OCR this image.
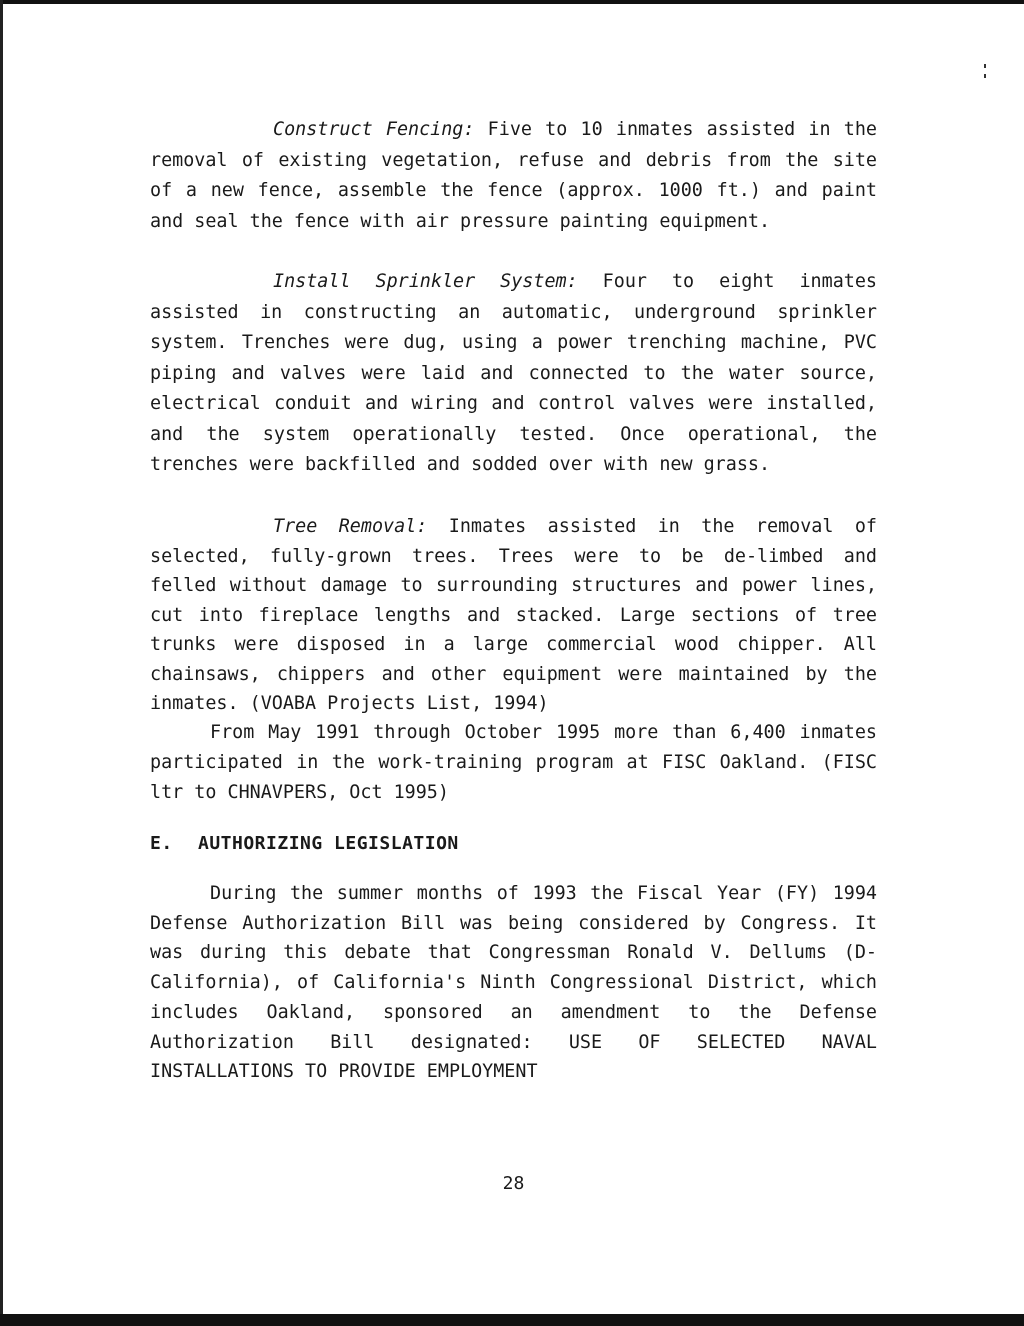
Construct Fencing: Five to 10 inmates assisted in the removal of existing vegetation, refuse and debris from the site of a new fence, assemble the fence (approx. 1000 ft.) and paint and seal the fence with air pressure painting equipment.

Install Sprinkler System: Four to eight inmates assisted in constructing an automatic, underground sprinkler system. Trenches were dug, using a power trenching machine, PVC piping and valves were laid and connected to the water source, electrical conduit and wiring and control valves were installed, and the system operationally tested. Once operational, the trenches were backfilled and sodded over with new grass.

Tree Removal: Inmates assisted in the removal of selected, fully-grown trees. Trees were to be de-limbed and felled without damage to surrounding structures and power lines, cut into fireplace lengths and stacked. Large sections of tree trunks were disposed in a large commercial wood chipper. All chainsaws, chippers and other equipment were maintained by the inmates. (VOABA Projects List, 1994)

From May 1991 through October 1995 more than 6,400 inmates participated in the work-training program at FISC Oakland. (FISC ltr to CHNAVPERS, Oct 1995)

E. AUTHORIZING LEGISLATION

During the summer months of 1993 the Fiscal Year (FY) 1994 Defense Authorization Bill was being considered by Congress. It was during this debate that Congressman Ronald V. Dellums (D-California), of California's Ninth Congressional District, which includes Oakland, sponsored an amendment to the Defense Authorization Bill designated: USE OF SELECTED NAVAL INSTALLATIONS TO PROVIDE EMPLOYMENT

28
